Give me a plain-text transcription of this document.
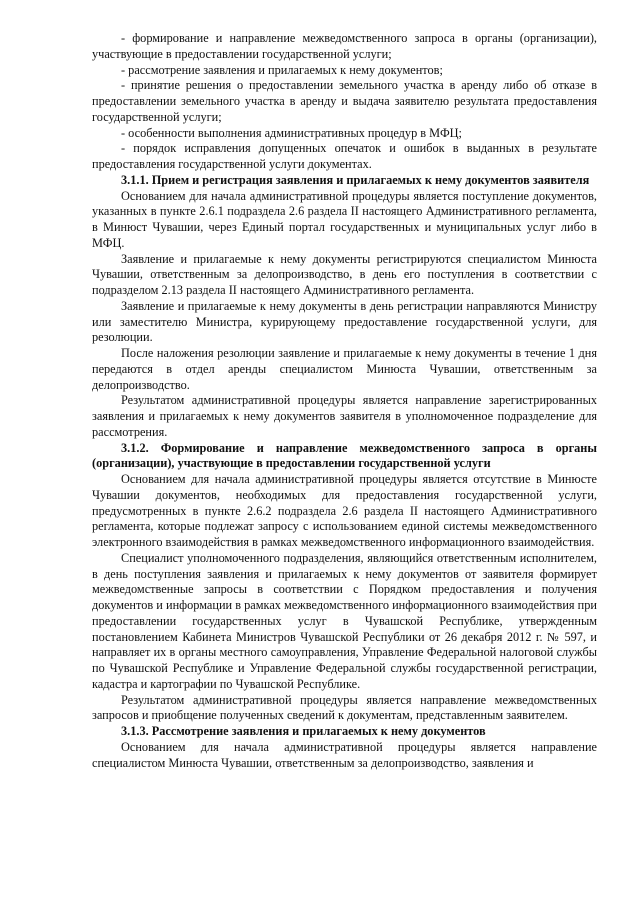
- формирование и направление межведомственного запроса в органы (организации), участвующие в предоставлении государственной услуги;

- рассмотрение заявления и прилагаемых к нему документов;

- принятие решения о предоставлении земельного участка в аренду либо об отказе в предоставлении земельного участка в аренду и выдача заявителю результата предоставления государственной услуги;

- особенности выполнения административных процедур в МФЦ;

- порядок исправления допущенных опечаток и ошибок в выданных в результате предоставления государственной услуги документах.

3.1.1. Прием и регистрация заявления и прилагаемых к нему документов заявителя

Основанием для начала административной процедуры является поступление документов, указанных в пункте 2.6.1 подраздела 2.6 раздела II настоящего Административного регламента, в Минюст Чувашии, через Единый портал государственных и муниципальных услуг либо в МФЦ.

Заявление и прилагаемые к нему документы регистрируются специалистом Минюста Чувашии, ответственным за делопроизводство, в день его поступления в соответствии с подразделом 2.13 раздела II настоящего Административного регламента.

Заявление и прилагаемые к нему документы в день регистрации направляются Министру или заместителю Министра, курирующему предоставление государственной услуги, для резолюции.

После наложения резолюции заявление и прилагаемые к нему документы в течение 1 дня передаются в отдел аренды специалистом Минюста Чувашии, ответственным за делопроизводство.

Результатом административной процедуры является направление зарегистрированных заявления и прилагаемых к нему документов заявителя в уполномоченное подразделение для рассмотрения.

3.1.2. Формирование и направление межведомственного запроса в органы (организации), участвующие в предоставлении государственной услуги

Основанием для начала административной процедуры является отсутствие в Минюсте Чувашии документов, необходимых для предоставления государственной услуги, предусмотренных в пункте 2.6.2 подраздела 2.6 раздела II настоящего Административного регламента, которые подлежат запросу с использованием единой системы межведомственного электронного взаимодействия в рамках межведомственного информационного взаимодействия.

Специалист уполномоченного подразделения, являющийся ответственным исполнителем, в день поступления заявления и прилагаемых к нему документов от заявителя формирует межведомственные запросы в соответствии с Порядком предоставления и получения документов и информации в рамках межведомственного информационного взаимодействия при предоставлении государственных услуг в Чувашской Республике, утвержденным постановлением Кабинета Министров Чувашской Республики от 26 декабря 2012 г. № 597, и направляет их в органы местного самоуправления, Управление Федеральной налоговой службы по Чувашской Республике и Управление Федеральной службы государственной регистрации, кадастра и картографии по Чувашской Республике.

Результатом административной процедуры является направление межведомственных запросов и приобщение полученных сведений к документам, представленным заявителем.

3.1.3. Рассмотрение заявления и прилагаемых к нему документов

Основанием для начала административной процедуры является направление специалистом Минюста Чувашии, ответственным за делопроизводство, заявления и
